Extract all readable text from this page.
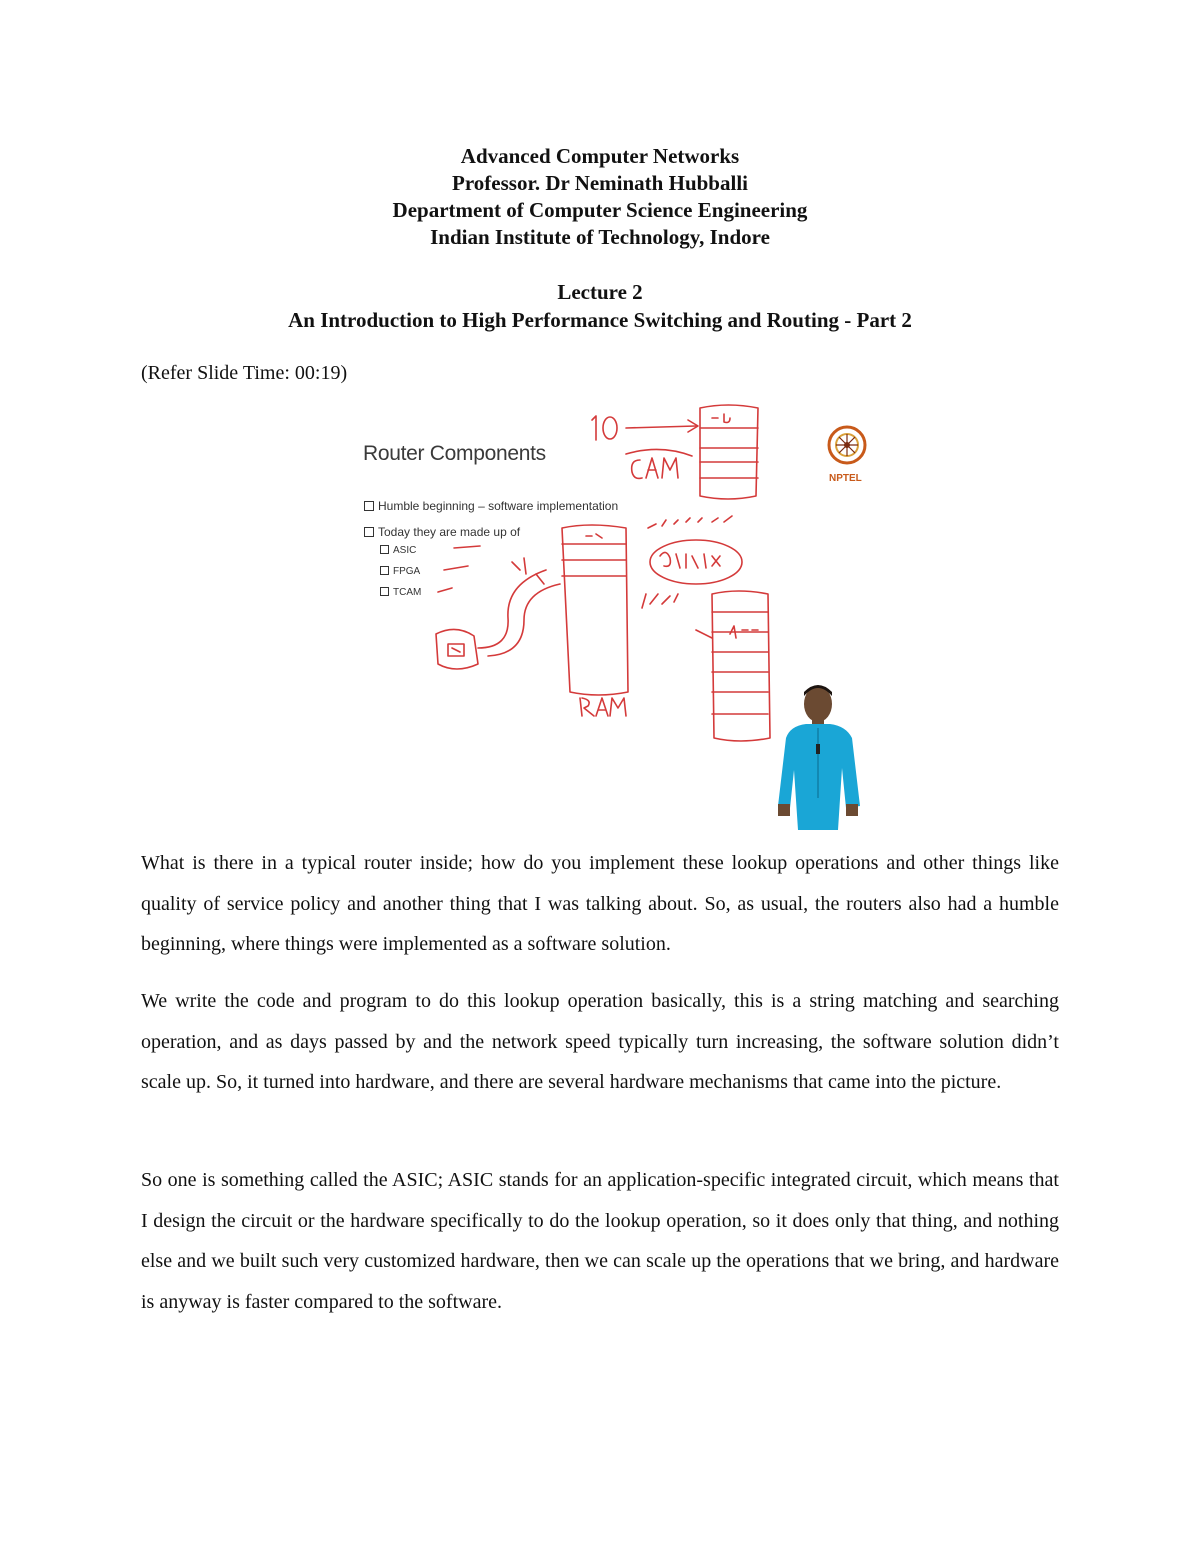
Advanced Computer Networks
Professor. Dr Neminath Hubballi
Department of Computer Science Engineering
Indian Institute of Technology, Indore
Lecture 2
An Introduction to High Performance Switching and Routing - Part 2
(Refer Slide Time: 00:19)
Router Components
Humble beginning – software implementation
Today they are made up of
ASIC
FPGA
TCAM
NPTEL

What is there in a typical router inside; how do you implement these lookup operations and other things like quality of service policy and another thing that I was talking about. So, as usual, the routers also had a humble beginning, where things were implemented as a software solution.
We write the code and program to do this lookup operation basically, this is a string matching and searching operation, and as days passed by and the network speed typically turn increasing, the software solution didn’t scale up. So, it turned into hardware, and there are several hardware mechanisms that came into the picture.
So one is something called the ASIC; ASIC stands for an application-specific integrated circuit, which means that I design the circuit or the hardware specifically to do the lookup operation, so it does only that thing, and nothing else and we built such very customized hardware, then we can scale up the operations that we bring, and hardware is anyway is faster compared to the software.
